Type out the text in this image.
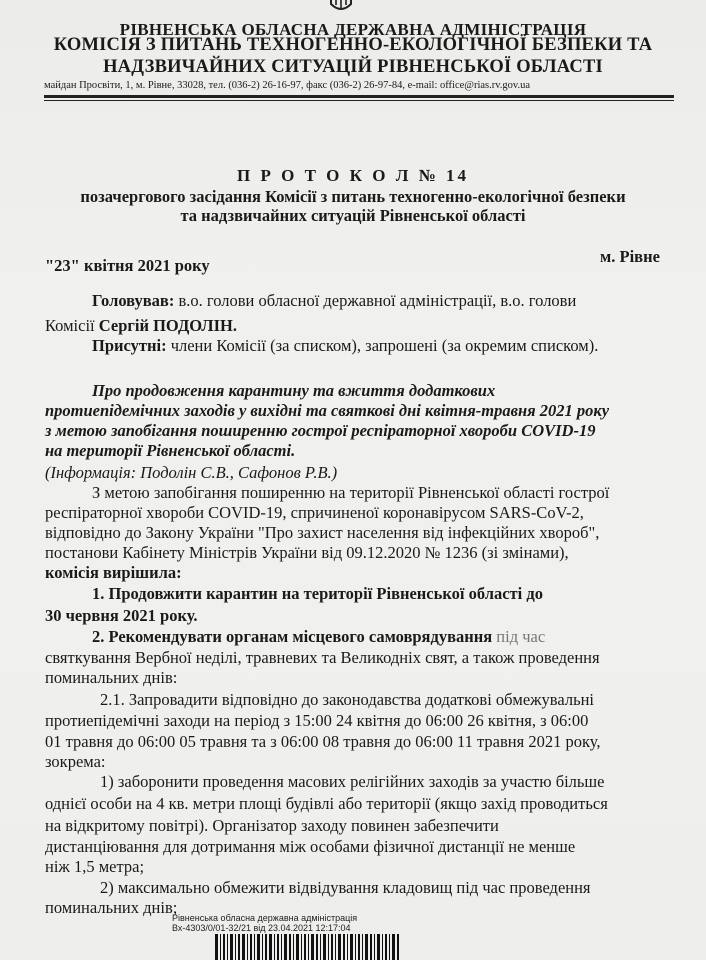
РІВНЕНСЬКА ОБЛАСНА ДЕРЖАВНА АДМІНІСТРАЦІЯ
КОМІСІЯ З ПИТАНЬ ТЕХНОГЕННО-ЕКОЛОГІЧНОЇ БЕЗПЕКИ ТА
НАДЗВИЧАЙНИХ СИТУАЦІЙ РІВНЕНСЬКОЇ ОБЛАСТІ
майдан Просвіти, 1, м. Рівне, 33028, тел. (036-2) 26-16-97, факс (036-2) 26-97-84, e-mail: office@rias.rv.gov.ua
П Р О Т О К О Л № 14
позачергового засідання Комісії з питань техногенно-екологічної безпеки
та надзвичайних ситуацій Рівненської області
"23" квітня 2021 року	м. Рівне
Головував: в.о. голови обласної державної адміністрації, в.о. голови
Комісії Сергій ПОДОЛІН.
Присутні: члени Комісії (за списком), запрошені (за окремим списком).
Про продовження карантину та вжиття додаткових
протиепідемічних заходів у вихідні та святкові дні квітня-травня 2021 року
з метою запобігання поширенню гострої респіраторної хвороби COVID-19
на території Рівненської області.
(Інформація: Подолін С.В., Сафонов Р.В.)
З метою запобігання поширенню на території Рівненської області гострої
респіраторної хвороби COVID-19, спричиненої коронавірусом SARS-CoV-2,
відповідно до Закону України "Про захист населення від інфекційних хвороб",
постанови Кабінету Міністрів України від 09.12.2020 № 1236 (зі змінами),
комісія вирішила:
1. Продовжити карантин на території Рівненської області до
30 червня 2021 року.
2. Рекомендувати органам місцевого самоврядування під час
святкування Вербної неділі, травневих та Великодніх свят, а також проведення
поминальних днів:
2.1. Запровадити відповідно до законодавства додаткові обмежувальні
протиепідемічні заходи на період з 15:00 24 квітня до 06:00 26 квітня, з 06:00
01 травня до 06:00 05 травня та з 06:00 08 травня до 06:00 11 травня 2021 року,
зокрема:
1) заборонити проведення масових релігійних заходів за участю більше
однієї особи на 4 кв. метри площі будівлі або території (якщо захід проводиться
на відкритому повітрі). Організатор заходу повинен забезпечити
дистанціювання для дотримання між особами фізичної дистанції не менше
ніж 1,5 метра;
2) максимально обмежити відвідування кладовищ під час проведення
поминальних днів;
Рівненська обласна державна адміністрація
Вх-4303/0/01-32/21 від 23.04.2021 12:17:04
